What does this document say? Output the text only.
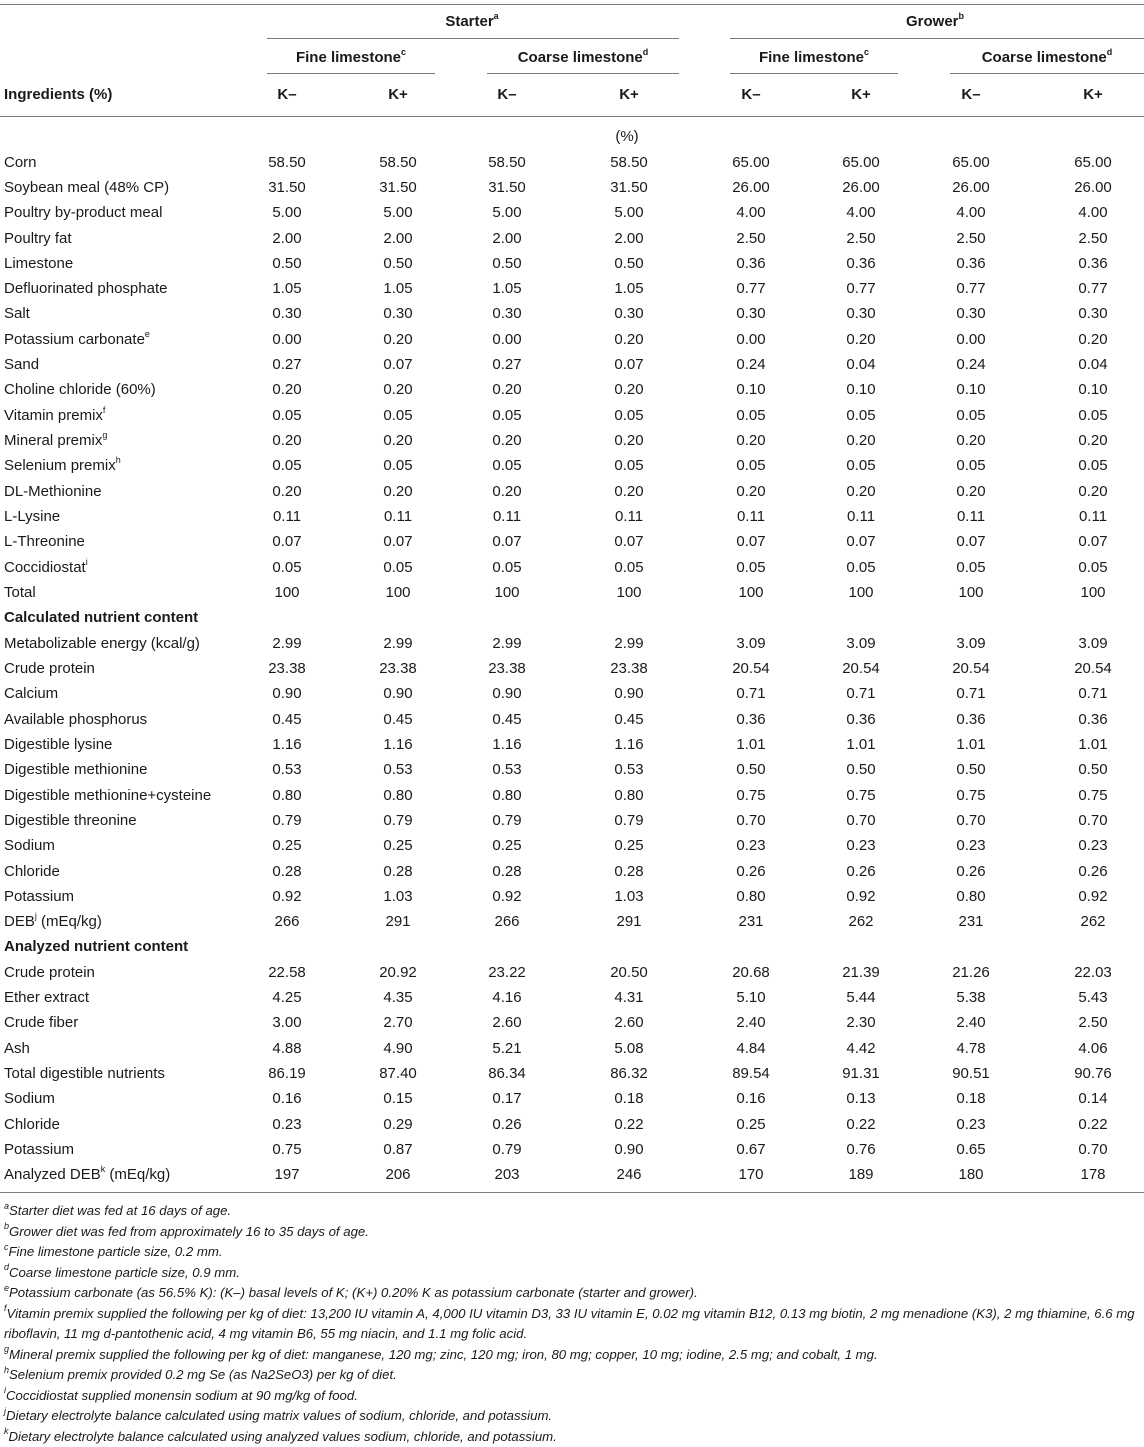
Starter$^a$	Grower$^b$
Fine limestone$^c$	Coarse limestone$^d$	Fine limestone$^c$	Coarse limestone$^d$
Ingredients (%)	K–	K+	K–	K+	K–	K+	K–	K+
(%)
Corn	58.50	58.50	58.50	58.50	65.00	65.00	65.00	65.00
Soybean meal (48% CP)	31.50	31.50	31.50	31.50	26.00	26.00	26.00	26.00
Poultry by-product meal	5.00	5.00	5.00	5.00	4.00	4.00	4.00	4.00
Poultry fat	2.00	2.00	2.00	2.00	2.50	2.50	2.50	2.50
Limestone	0.50	0.50	0.50	0.50	0.36	0.36	0.36	0.36
Defluorinated phosphate	1.05	1.05	1.05	1.05	0.77	0.77	0.77	0.77
Salt	0.30	0.30	0.30	0.30	0.30	0.30	0.30	0.30
Potassium carbonate$^e$	0.00	0.20	0.00	0.20	0.00	0.20	0.00	0.20
Sand	0.27	0.07	0.27	0.07	0.24	0.04	0.24	0.04
Choline chloride (60%)	0.20	0.20	0.20	0.20	0.10	0.10	0.10	0.10
Vitamin premix$^f$	0.05	0.05	0.05	0.05	0.05	0.05	0.05	0.05
Mineral premix$^g$	0.20	0.20	0.20	0.20	0.20	0.20	0.20	0.20
Selenium premix$^h$	0.05	0.05	0.05	0.05	0.05	0.05	0.05	0.05
DL-Methionine	0.20	0.20	0.20	0.20	0.20	0.20	0.20	0.20
L-Lysine	0.11	0.11	0.11	0.11	0.11	0.11	0.11	0.11
L-Threonine	0.07	0.07	0.07	0.07	0.07	0.07	0.07	0.07
Coccidiostat$^i$	0.05	0.05	0.05	0.05	0.05	0.05	0.05	0.05
Total	100	100	100	100	100	100	100	100
Calculated nutrient content
Metabolizable energy (kcal/g)	2.99	2.99	2.99	2.99	3.09	3.09	3.09	3.09
Crude protein	23.38	23.38	23.38	23.38	20.54	20.54	20.54	20.54
Calcium	0.90	0.90	0.90	0.90	0.71	0.71	0.71	0.71
Available phosphorus	0.45	0.45	0.45	0.45	0.36	0.36	0.36	0.36
Digestible lysine	1.16	1.16	1.16	1.16	1.01	1.01	1.01	1.01
Digestible methionine	0.53	0.53	0.53	0.53	0.50	0.50	0.50	0.50
Digestible methionine+cysteine	0.80	0.80	0.80	0.80	0.75	0.75	0.75	0.75
Digestible threonine	0.79	0.79	0.79	0.79	0.70	0.70	0.70	0.70
Sodium	0.25	0.25	0.25	0.25	0.23	0.23	0.23	0.23
Chloride	0.28	0.28	0.28	0.28	0.26	0.26	0.26	0.26
Potassium	0.92	1.03	0.92	1.03	0.80	0.92	0.80	0.92
DEB$^j$ (mEq/kg)	266	291	266	291	231	262	231	262
Analyzed nutrient content
Crude protein	22.58	20.92	23.22	20.50	20.68	21.39	21.26	22.03
Ether extract	4.25	4.35	4.16	4.31	5.10	5.44	5.38	5.43
Crude fiber	3.00	2.70	2.60	2.60	2.40	2.30	2.40	2.50
Ash	4.88	4.90	5.21	5.08	4.84	4.42	4.78	4.06
Total digestible nutrients	86.19	87.40	86.34	86.32	89.54	91.31	90.51	90.76
Sodium	0.16	0.15	0.17	0.18	0.16	0.13	0.18	0.14
Chloride	0.23	0.29	0.26	0.22	0.25	0.22	0.23	0.22
Potassium	0.75	0.87	0.79	0.90	0.67	0.76	0.65	0.70
Analyzed DEB$^k$ (mEq/kg)	197	206	203	246	170	189	180	178
$^a$Starter diet was fed at 16 days of age.
$^b$Grower diet was fed from approximately 16 to 35 days of age.
$^c$Fine limestone particle size, 0.2 mm.
$^d$Coarse limestone particle size, 0.9 mm.
$^e$Potassium carbonate (as 56.5% K): (K–) basal levels of K; (K+) 0.20% K as potassium carbonate (starter and grower).
$^f$Vitamin premix supplied the following per kg of diet: 13,200 IU vitamin A, 4,000 IU vitamin D3, 33 IU vitamin E, 0.02 mg vitamin B12, 0.13 mg biotin, 2 mg menadione (K3), 2 mg thiamine, 6.6 mg riboflavin, 11 mg d-pantothenic acid, 4 mg vitamin B6, 55 mg niacin, and 1.1 mg folic acid.
$^g$Mineral premix supplied the following per kg of diet: manganese, 120 mg; zinc, 120 mg; iron, 80 mg; copper, 10 mg; iodine, 2.5 mg; and cobalt, 1 mg.
$^h$Selenium premix provided 0.2 mg Se (as Na2SeO3) per kg of diet.
$^i$Coccidiostat supplied monensin sodium at 90 mg/kg of food.
$^j$Dietary electrolyte balance calculated using matrix values of sodium, chloride, and potassium.
$^k$Dietary electrolyte balance calculated using analyzed values sodium, chloride, and potassium.
